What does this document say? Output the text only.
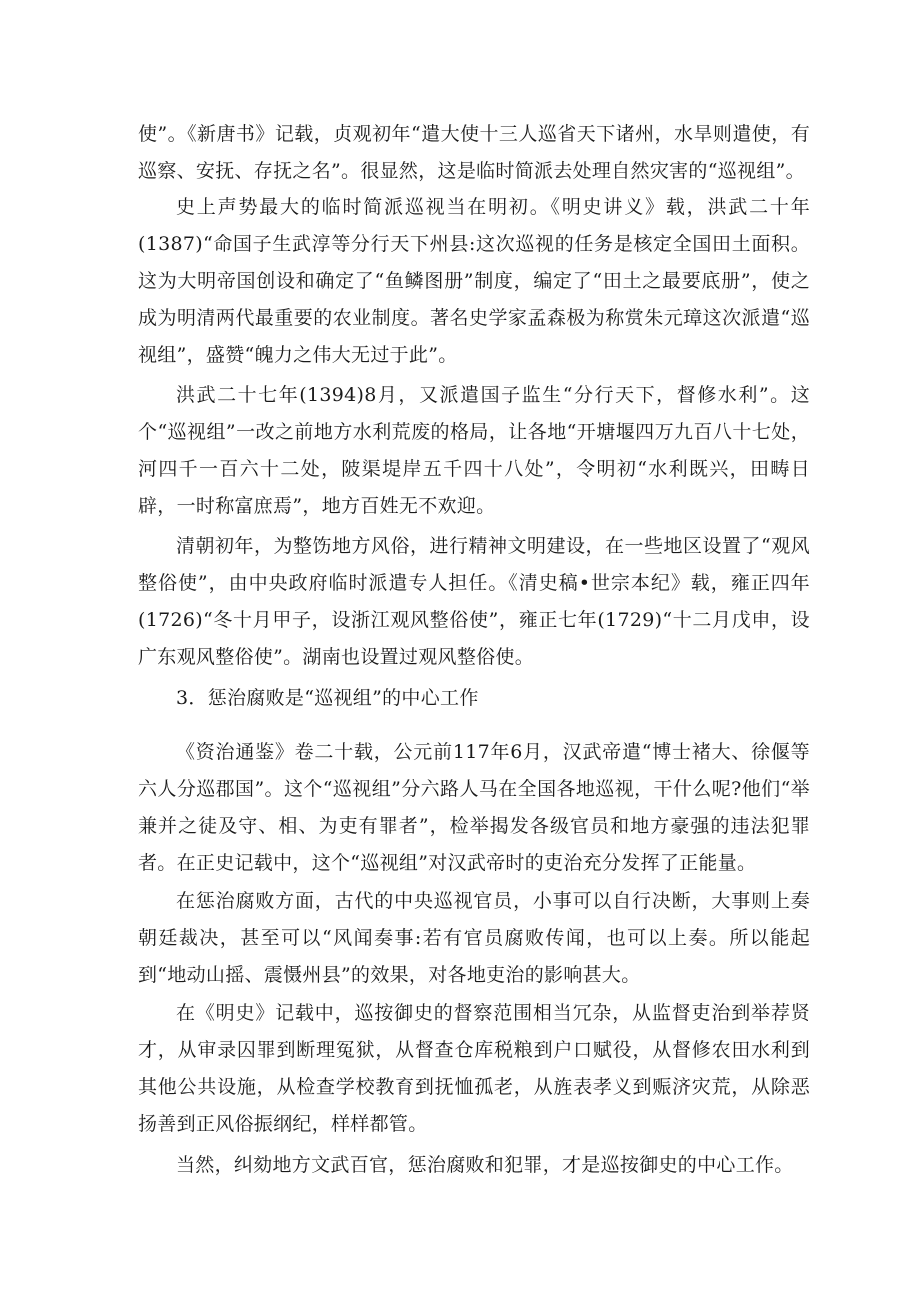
使”。《新唐书》记载，贞观初年“遣大使十三人巡省天下诸州，水旱则遣使，有巡察、安抚、存抚之名”。很显然，这是临时简派去处理自然灾害的“巡视组”。

史上声势最大的临时简派巡视当在明初。《明史讲义》载，洪武二十年(1387)“命国子生武淳等分行天下州县:这次巡视的任务是核定全国田土面积。这为大明帝国创设和确定了“鱼鳞图册”制度，编定了“田土之最要底册”，使之成为明清两代最重要的农业制度。著名史学家孟森极为称赏朱元璋这次派遣“巡视组”，盛赞“魄力之伟大无过于此”。

洪武二十七年(1394)8月，又派遣国子监生“分行天下，督修水利”。这个“巡视组”一改之前地方水利荒废的格局，让各地“开塘堰四万九百八十七处，河四千一百六十二处，陂渠堤岸五千四十八处”，令明初“水利既兴，田畴日辟，一时称富庶焉”，地方百姓无不欢迎。

清朝初年，为整饬地方风俗，进行精神文明建设，在一些地区设置了“观风整俗使”，由中央政府临时派遣专人担任。《清史稿•世宗本纪》载，雍正四年(1726)“冬十月甲子，设浙江观风整俗使”，雍正七年(1729)“十二月戊申，设广东观风整俗使”。湖南也设置过观风整俗使。

3．惩治腐败是“巡视组”的中心工作

《资治通鉴》卷二十载，公元前117年6月，汉武帝遣“博士褚大、徐偃等六人分巡郡国”。这个“巡视组”分六路人马在全国各地巡视，干什么呢?他们“举兼并之徒及守、相、为吏有罪者”，检举揭发各级官员和地方豪强的违法犯罪者。在正史记载中，这个“巡视组”对汉武帝时的吏治充分发挥了正能量。

在惩治腐败方面，古代的中央巡视官员，小事可以自行决断，大事则上奏朝廷裁决，甚至可以“风闻奏事:若有官员腐败传闻，也可以上奏。所以能起到“地动山摇、震慑州县”的效果，对各地吏治的影响甚大。

在《明史》记载中，巡按御史的督察范围相当冗杂，从监督吏治到举荐贤才，从审录囚罪到断理冤狱，从督查仓库税粮到户口赋役，从督修农田水利到其他公共设施，从检查学校教育到抚恤孤老，从旌表孝义到赈济灾荒，从除恶扬善到正风俗振纲纪，样样都管。

当然，纠劾地方文武百官，惩治腐败和犯罪，才是巡按御史的中心工作。
